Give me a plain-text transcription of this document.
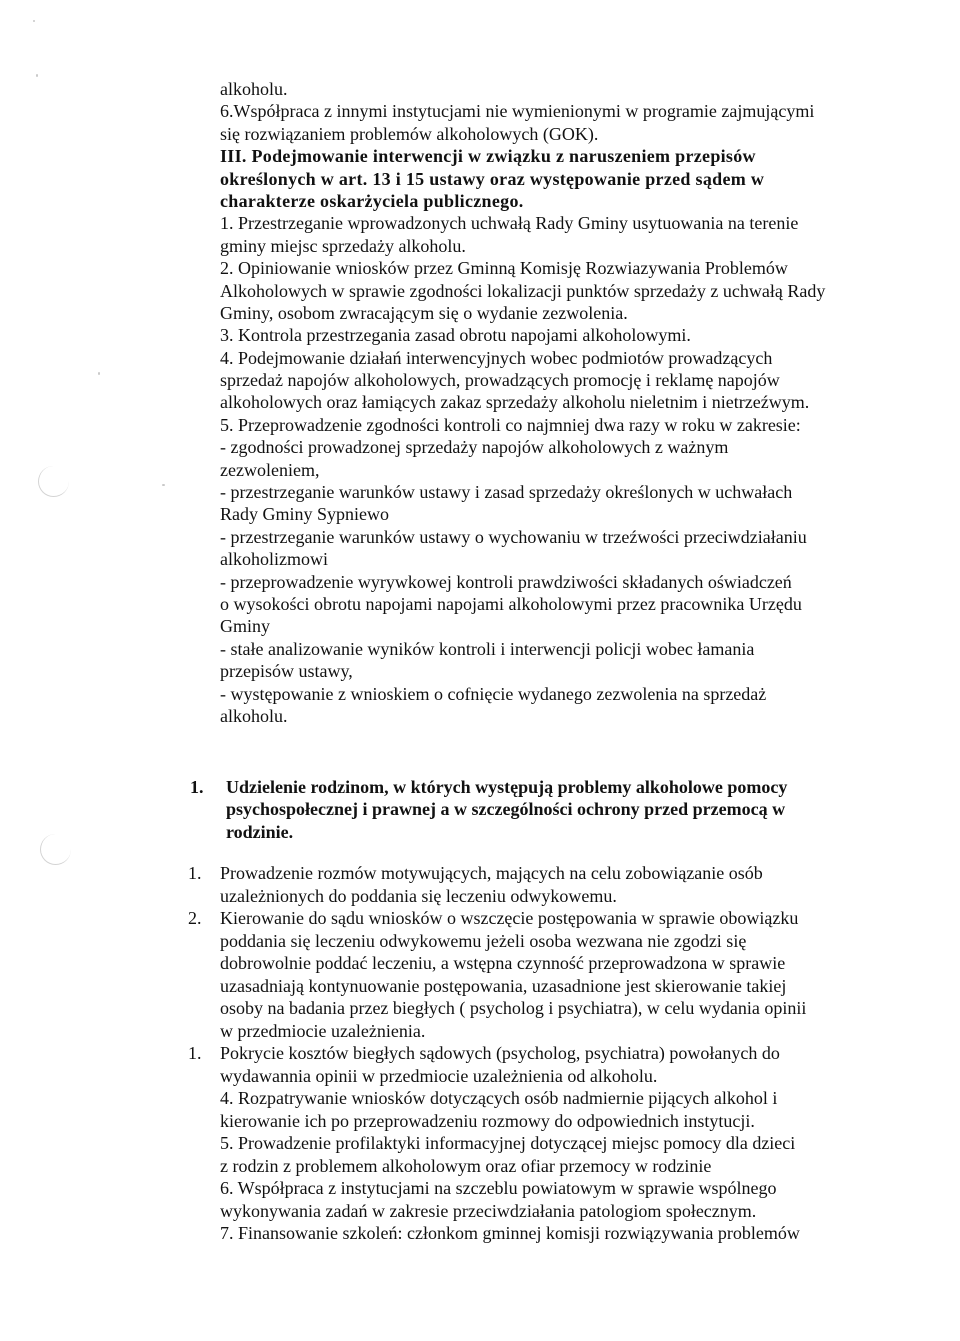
alkoholu.
6.Współpraca z innymi instytucjami nie wymienionymi w programie zajmującymi
się rozwiązaniem problemów alkoholowych (GOK).
III. Podejmowanie interwencji w związku z naruszeniem przepisów
określonych w art. 13 i 15 ustawy oraz występowanie przed sądem w
charakterze oskarżyciela publicznego.
1. Przestrzeganie wprowadzonych uchwałą Rady Gminy usytuowania na terenie
gminy miejsc sprzedaży alkoholu.
2. Opiniowanie wniosków przez Gminną Komisję Rozwiazywania Problemów
Alkoholowych w sprawie zgodności lokalizacji punktów sprzedaży z uchwałą Rady
Gminy, osobom zwracającym się o wydanie zezwolenia.
3. Kontrola przestrzegania zasad obrotu napojami alkoholowymi.
4. Podejmowanie działań interwencyjnych wobec podmiotów prowadzących
sprzedaż napojów alkoholowych, prowadzących promocję i reklamę napojów
alkoholowych oraz łamiących zakaz sprzedaży alkoholu nieletnim i nietrzeźwym.
5. Przeprowadzenie zgodności kontroli co najmniej dwa razy w roku w zakresie:
- zgodności prowadzonej sprzedaży napojów alkoholowych z ważnym
zezwoleniem,
- przestrzeganie warunków ustawy i zasad sprzedaży określonych w uchwałach
Rady Gminy Sypniewo
- przestrzeganie warunków ustawy o wychowaniu w trzeźwości przeciwdziałaniu
alkoholizmowi
- przeprowadzenie wyrywkowej kontroli prawdziwości składanych oświadczeń
o wysokości obrotu napojami napojami alkoholowymi przez pracownika Urzędu
Gminy
- stałe analizowanie wyników kontroli i interwencji policji wobec łamania
przepisów ustawy,
- występowanie z wnioskiem o cofnięcie wydanego zezwolenia na sprzedaż
alkoholu.
1. Udzielenie rodzinom, w których występują problemy alkoholowe pomocy
psychospołecznej i prawnej a w szczególności ochrony przed przemocą w
rodzinie.
1. Prowadzenie rozmów motywujących, mających na celu zobowiązanie osób
uzależnionych do poddania się leczeniu odwykowemu.
2. Kierowanie do sądu wniosków o wszczęcie postępowania w sprawie obowiązku
poddania się leczeniu odwykowemu jeżeli osoba wezwana nie zgodzi się
dobrowolnie poddać leczeniu, a wstępna czynność przeprowadzona w sprawie
uzasadniają kontynuowanie postępowania, uzasadnione jest skierowanie takiej
osoby na badania przez biegłych ( psycholog i psychiatra), w celu wydania opinii
w przedmiocie uzależnienia.
1. Pokrycie kosztów biegłych sądowych (psycholog, psychiatra) powołanych do
wydawannia opinii w przedmiocie uzależnienia od alkoholu.
4. Rozpatrywanie wniosków dotyczących osób nadmiernie pijących alkohol i
kierowanie ich po przeprowadzeniu rozmowy do odpowiednich instytucji.
5. Prowadzenie profilaktyki informacyjnej dotyczącej miejsc pomocy dla dzieci
z rodzin z problemem alkoholowym oraz ofiar przemocy w rodzinie
6. Współpraca z instytucjami na szczeblu powiatowym w sprawie wspólnego
wykonywania zadań w zakresie przeciwdziałania patologiom społecznym.
7. Finansowanie szkoleń: członkom gminnej komisji rozwiązywania problemów
